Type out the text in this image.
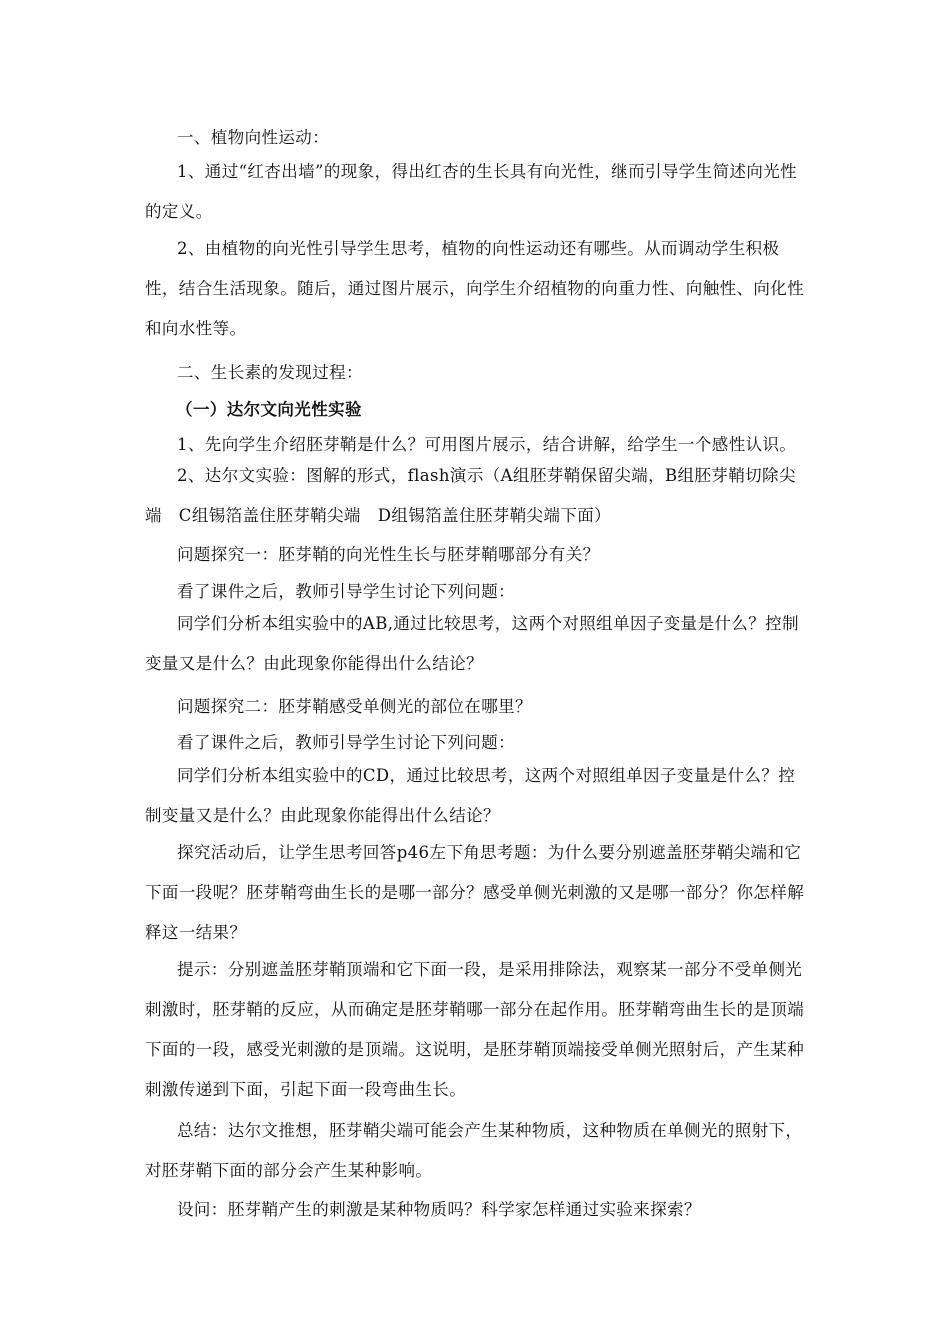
一、植物向性运动：
1、通过“红杏出墙”的现象，得出红杏的生长具有向光性，继而引导学生简述向光性的定义。
2、由植物的向光性引导学生思考，植物的向性运动还有哪些。从而调动学生积极性，结合生活现象。随后，通过图片展示，向学生介绍植物的向重力性、向触性、向化性和向水性等。
二、生长素的发现过程：
（一）达尔文向光性实验
1、先向学生介绍胚芽鞘是什么？可用图片展示，结合讲解，给学生一个感性认识。
2、达尔文实验：图解的形式，flash演示（A组胚芽鞘保留尖端，B组胚芽鞘切除尖端　C组锡箔盖住胚芽鞘尖端　D组锡箔盖住胚芽鞘尖端下面）
问题探究一：胚芽鞘的向光性生长与胚芽鞘哪部分有关？
看了课件之后，教师引导学生讨论下列问题：
同学们分析本组实验中的AB,通过比较思考，这两个对照组单因子变量是什么？控制变量又是什么？由此现象你能得出什么结论？
问题探究二：胚芽鞘感受单侧光的部位在哪里？
看了课件之后，教师引导学生讨论下列问题：
同学们分析本组实验中的CD，通过比较思考，这两个对照组单因子变量是什么？控制变量又是什么？由此现象你能得出什么结论？
探究活动后，让学生思考回答p46左下角思考题：为什么要分别遮盖胚芽鞘尖端和它下面一段呢？胚芽鞘弯曲生长的是哪一部分？感受单侧光刺激的又是哪一部分？你怎样解释这一结果？
提示：分别遮盖胚芽鞘顶端和它下面一段，是采用排除法，观察某一部分不受单侧光刺激时，胚芽鞘的反应，从而确定是胚芽鞘哪一部分在起作用。胚芽鞘弯曲生长的是顶端下面的一段，感受光刺激的是顶端。这说明，是胚芽鞘顶端接受单侧光照射后，产生某种刺激传递到下面，引起下面一段弯曲生长。
总结：达尔文推想，胚芽鞘尖端可能会产生某种物质，这种物质在单侧光的照射下，对胚芽鞘下面的部分会产生某种影响。
设问：胚芽鞘产生的刺激是某种物质吗？科学家怎样通过实验来探索？
